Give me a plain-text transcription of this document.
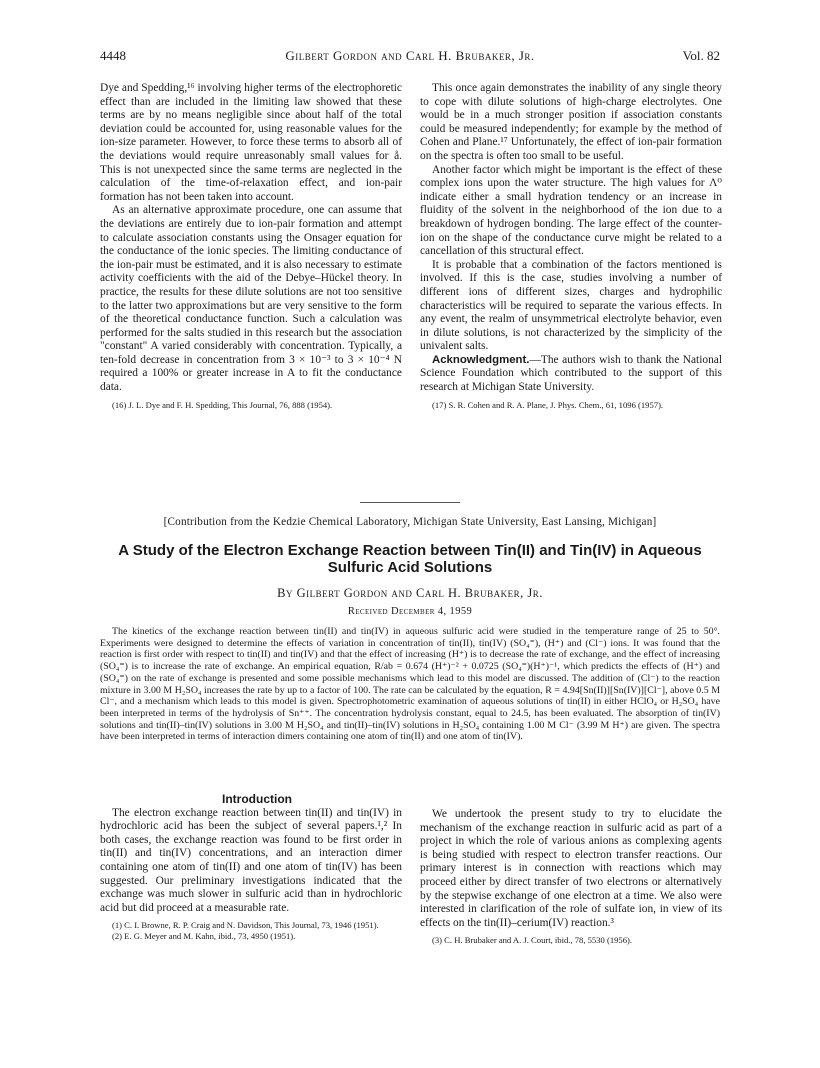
4448	Gilbert Gordon and Carl H. Brubaker, Jr.	Vol. 82

Dye and Spedding,¹⁶ involving higher terms of the electrophoretic effect than are included in the limiting law showed that these terms are by no means negligible since about half of the total deviation could be accounted for, using reasonable values for the ion-size parameter. However, to force these terms to absorb all of the deviations would require unreasonably small values for å. This is not unexpected since the same terms are neglected in the calculation of the time-of-relaxation effect, and ion-pair formation has not been taken into account.

As an alternative approximate procedure, one can assume that the deviations are entirely due to ion-pair formation and attempt to calculate association constants using the Onsager equation for the conductance of the ionic species. The limiting conductance of the ion-pair must be estimated, and it is also necessary to estimate activity coefficients with the aid of the Debye–Hückel theory. In practice, the results for these dilute solutions are not too sensitive to the latter two approximations but are very sensitive to the form of the theoretical conductance function. Such a calculation was performed for the salts studied in this research but the association "constant" A varied considerably with concentration. Typically, a ten-fold decrease in concentration from 3 × 10⁻³ to 3 × 10⁻⁴ N required a 100% or greater increase in A to fit the conductance data.

(16) J. L. Dye and F. H. Spedding, This Journal, 76, 888 (1954).

This once again demonstrates the inability of any single theory to cope with dilute solutions of high-charge electrolytes. One would be in a much stronger position if association constants could be measured independently; for example by the method of Cohen and Plane.¹⁷ Unfortunately, the effect of ion-pair formation on the spectra is often too small to be useful.

Another factor which might be important is the effect of these complex ions upon the water structure. The high values for Λ⁰ indicate either a small hydration tendency or an increase in fluidity of the solvent in the neighborhood of the ion due to a breakdown of hydrogen bonding. The large effect of the counter-ion on the shape of the conductance curve might be related to a cancellation of this structural effect.

It is probable that a combination of the factors mentioned is involved. If this is the case, studies involving a number of different ions of different sizes, charges and hydrophilic characteristics will be required to separate the various effects. In any event, the realm of unsymmetrical electrolyte behavior, even in dilute solutions, is not characterized by the simplicity of the univalent salts.

Acknowledgment.—The authors wish to thank the National Science Foundation which contributed to the support of this research at Michigan State University.

(17) S. R. Cohen and R. A. Plane, J. Phys. Chem., 61, 1096 (1957).

[Contribution from the Kedzie Chemical Laboratory, Michigan State University, East Lansing, Michigan]
A Study of the Electron Exchange Reaction between Tin(II) and Tin(IV) in Aqueous Sulfuric Acid Solutions
By Gilbert Gordon and Carl H. Brubaker, Jr.
Received December 4, 1959
The kinetics of the exchange reaction between tin(II) and tin(IV) in aqueous sulfuric acid were studied in the temperature range of 25 to 50°. Experiments were designed to determine the effects of variation in concentration of tin(II), tin(IV) (SO₄⁼), (H⁺) and (Cl⁻) ions. It was found that the reaction is first order with respect to tin(II) and tin(IV) and that the effect of increasing (H⁺) is to decrease the rate of exchange, and the effect of increasing (SO₄⁼) is to increase the rate of exchange. An empirical equation, R/ab = 0.674 (H⁺)⁻² + 0.0725 (SO₄⁼)(H⁺)⁻¹, which predicts the effects of (H⁺) and (SO₄⁼) on the rate of exchange is presented and some possible mechanisms which lead to this model are discussed. The addition of (Cl⁻) to the reaction mixture in 3.00 M H₂SO₄ increases the rate by up to a factor of 100. The rate can be calculated by the equation, R = 4.94[Sn(II)][Sn(IV)][Cl⁻], above 0.5 M Cl⁻, and a mechanism which leads to this model is given. Spectrophotometric examination of aqueous solutions of tin(II) in either HClO₄ or H₂SO₄ have been interpreted in terms of the hydrolysis of Sn⁺⁺. The concentration hydrolysis constant, equal to 24.5, has been evaluated. The absorption of tin(IV) solutions and tin(II)–tin(IV) solutions in 3.00 M H₂SO₄ and tin(II)–tin(IV) solutions in H₂SO₄ containing 1.00 M Cl⁻ (3.99 M H⁺) are given. The spectra have been interpreted in terms of interaction dimers containing one atom of tin(II) and one atom of tin(IV).

Introduction

The electron exchange reaction between tin(II) and tin(IV) in hydrochloric acid has been the subject of several papers.¹,² In both cases, the exchange reaction was found to be first order in tin(II) and tin(IV) concentrations, and an interaction dimer containing one atom of tin(II) and one atom of tin(IV) has been suggested. Our preliminary investigations indicated that the exchange was much slower in sulfuric acid than in hydrochloric acid but did proceed at a measurable rate.

(1) C. I. Browne, R. P. Craig and N. Davidson, This Journal, 73, 1946 (1951).

(2) E. G. Meyer and M. Kahn, ibid., 73, 4950 (1951).

We undertook the present study to try to elucidate the mechanism of the exchange reaction in sulfuric acid as part of a project in which the role of various anions as complexing agents is being studied with respect to electron transfer reactions. Our primary interest is in connection with reactions which may proceed either by direct transfer of two electrons or alternatively by the stepwise exchange of one electron at a time. We also were interested in clarification of the role of sulfate ion, in view of its effects on the tin(II)–cerium(IV) reaction.³

(3) C. H. Brubaker and A. J. Court, ibid., 78, 5530 (1956).
